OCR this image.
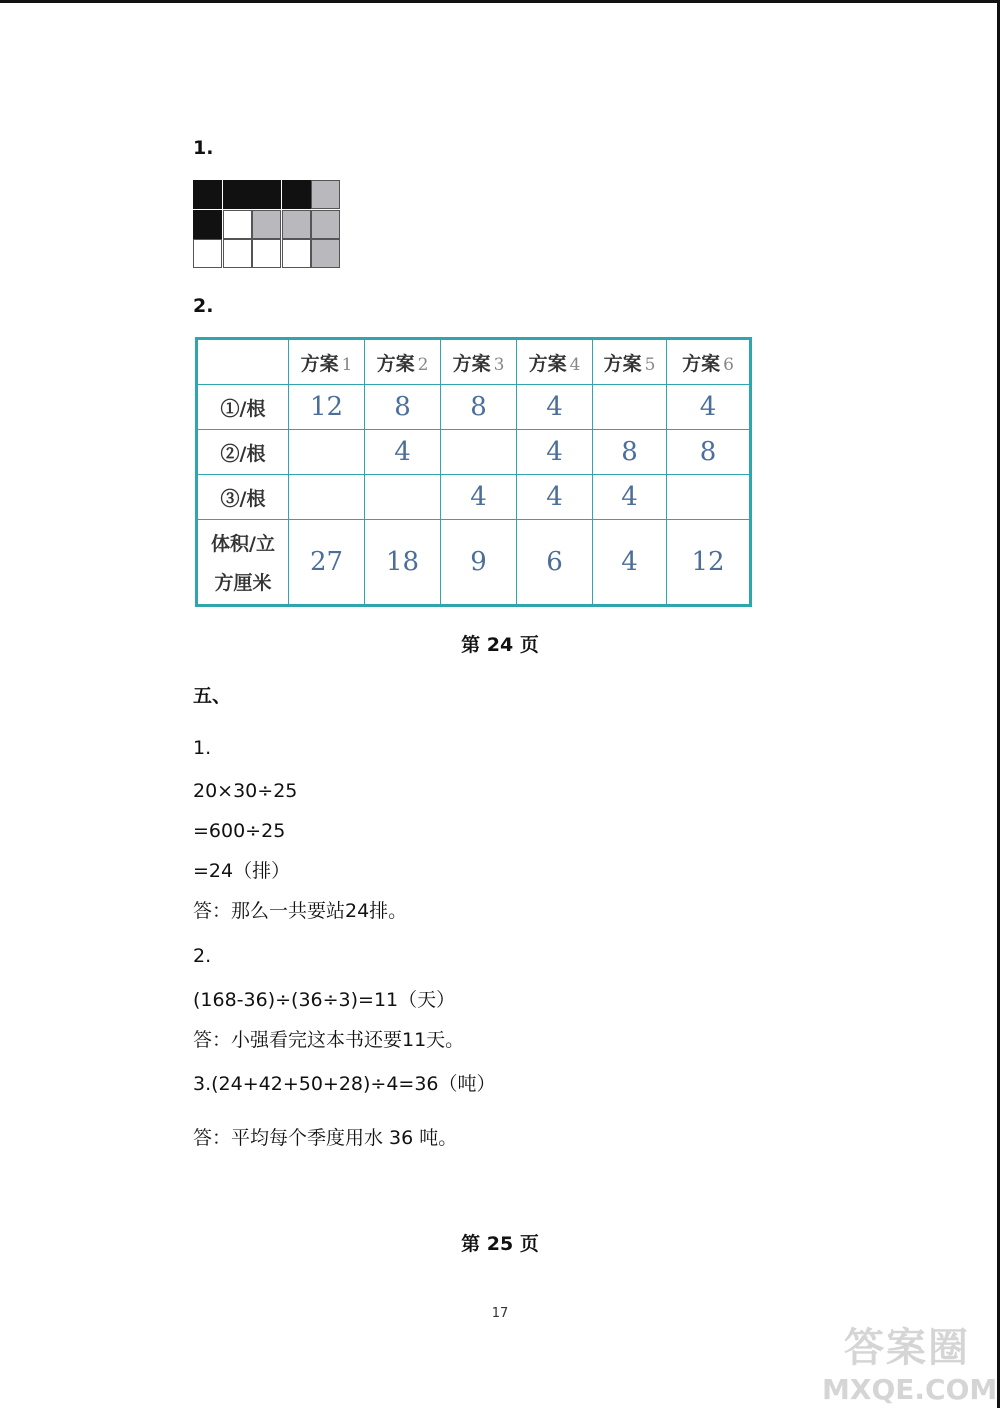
1.
2.
	方案 1	方案 2	方案 3	方案 4	方案 5	方案 6
①/根	12	8	8	4		4
②/根		4		4	8	8
③/根			4	4	4	

体积/立
方厘米	27	18	9	6	4	12
第 24 页
五、
1.
20×30÷25
=600÷25
=24（排）
答：那么一共要站24排。
2.
(168-36)÷(36÷3)=11（天）
答：小强看完这本书还要11天。
3.(24+42+50+28)÷4=36（吨）
答：平均每个季度用水 36 吨。
第 25 页
17
答案圈
MXQE.COM
